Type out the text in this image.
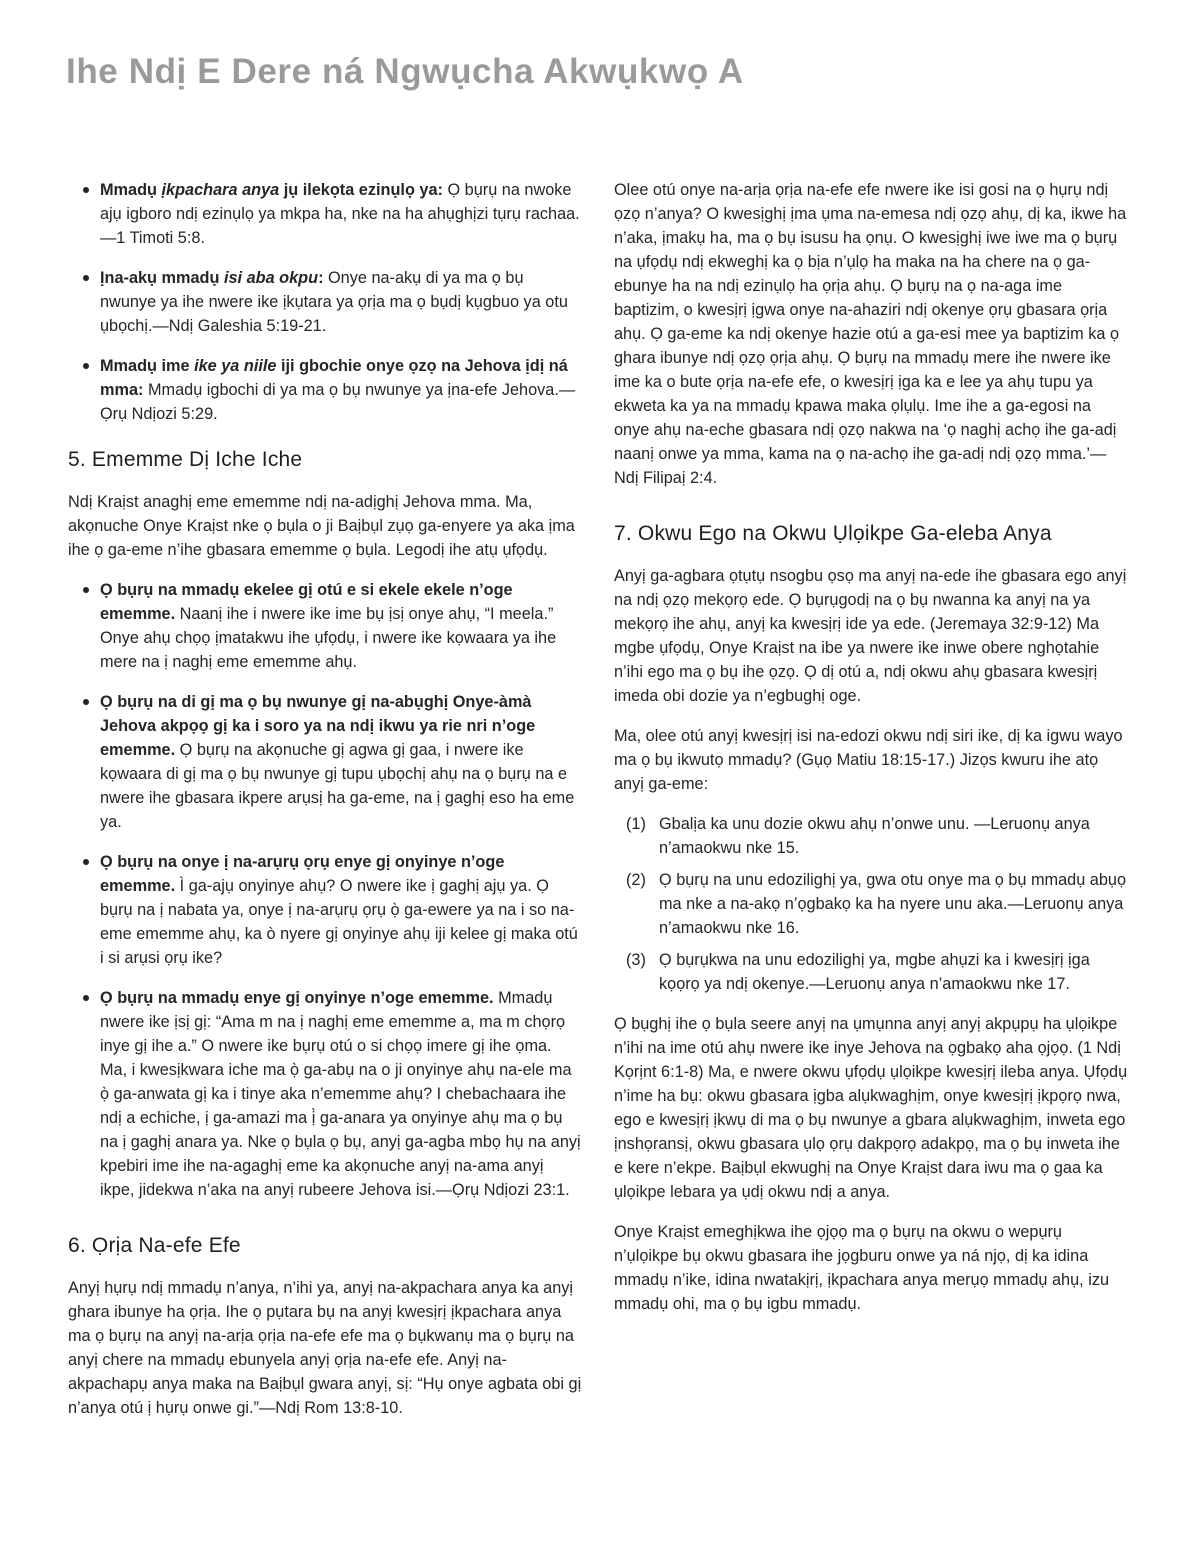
Ihe Ndị E Dere ná Ngwụcha Akwụkwọ A
Mmadụ ịkpachara anya jụ ilekọta ezinụlọ ya: Ọ bụrụ na nwoke ajụ igboro ndị ezinụlọ ya mkpa ha, nke na ha ahụghịzi tụrụ rachaa.—1 Timoti 5:8.
Ịna-akụ mmadụ isi aba okpu: Onye na-akụ di ya ma ọ bụ nwunye ya ihe nwere ike ịkụtara ya ọrịa ma ọ bụdị kụgbuo ya otu ụbọchị.—Ndị Galeshia 5:19-21.
Mmadụ ime ike ya niile iji gbochie onye ọzọ na Jehova ịdị ná mma: Mmadụ igbochi di ya ma ọ bụ nwunye ya ịna-efe Jehova.—Ọrụ Ndịozi 5:29.
5. Ememme Dị Iche Iche

Ndị Kraịst anaghị eme ememme ndị na-adịghị Jehova mma. Ma, akọnuche Onye Kraịst nke ọ bụla o ji Baịbụl zụọ ga-enyere ya aka ịma ihe ọ ga-eme n’ihe gbasara ememme ọ bụla. Legodị ihe atụ ụfọdụ.

Ọ bụrụ na mmadụ ekelee gị otú e si ekele ekele n’oge ememme. Naanị ihe i nwere ike ime bụ ịsị onye ahụ, “I meela.” Onye ahụ chọọ ịmatakwu ihe ụfọdụ, i nwere ike kọwaara ya ihe mere na ị naghị eme ememme ahụ.
Ọ bụrụ na di gị ma ọ bụ nwunye gị na-abụghị Onye-àmà Jehova akpọọ gị ka i soro ya na ndị ikwu ya rie nri n’oge ememme. Ọ bụrụ na akọnuche gị agwa gị gaa, i nwere ike kọwaara di gị ma ọ bụ nwunye gị tupu ụbọchị ahụ na ọ bụrụ na e nwere ihe gbasara ikpere arụsị ha ga-eme, na ị gaghị eso ha eme ya.
Ọ bụrụ na onye ị na-arụrụ ọrụ enye gị onyinye n’oge ememme. Ì ga-ajụ onyinye ahụ? O nwere ike ị gaghị ajụ ya. Ọ bụrụ na ị nabata ya, onye ị na-arụrụ ọrụ ọ̀ ga-ewere ya na i so na-eme ememme ahụ, ka ò nyere gị onyinye ahụ iji kelee gị maka otú i si arụsi ọrụ ike?
Ọ bụrụ na mmadụ enye gị onyinye n’oge ememme. Mmadụ nwere ike ịsị gị: “Ama m na ị naghị eme ememme a, ma m chọrọ inye gị ihe a.” O nwere ike bụrụ otú o si chọọ imere gị ihe ọma. Ma, i kwesịkwara iche ma ọ̀ ga-abụ na o ji onyinye ahụ na-ele ma ọ̀ ga-anwata gị ka i tinye aka n’ememme ahụ? I chebachaara ihe ndị a echiche, ị ga-amazi ma ị̀ ga-anara ya onyinye ahụ ma ọ bụ na ị gaghị anara ya. Nke ọ bụla ọ bụ, anyị ga-agba mbọ hụ na anyị kpebiri ime ihe na-agaghị eme ka akọnuche anyị na-ama anyị ikpe, jidekwa n’aka na anyị rubeere Jehova isi.—Ọrụ Ndịozi 23:1.
6. Ọrịa Na-efe Efe

Anyị hụrụ ndị mmadụ n’anya, n’ihi ya, anyị na-akpachara anya ka anyị ghara ibunye ha ọrịa. Ihe ọ pụtara bụ na anyị kwesịrị ịkpachara anya ma ọ bụrụ na anyị na-arịa ọrịa na-efe efe ma ọ bụkwanụ ma ọ bụrụ na anyị chere na mmadụ ebunyela anyị ọrịa na-efe efe. Anyị na-akpachapụ anya maka na Baịbụl gwara anyị, sị: “Hụ onye agbata obi gị n’anya otú ị hụrụ onwe gi.”—Ndị Rom 13:8-10.

Olee otú onye na-arịa ọrịa na-efe efe nwere ike isi gosi na ọ hụrụ ndị ọzọ n’anya? O kwesịghị ịma ụma na-emesa ndị ọzọ ahụ, dị ka, ikwe ha n’aka, ịmakụ ha, ma ọ bụ isusu ha ọnụ. O kwesịghị iwe iwe ma ọ bụrụ na ụfọdụ ndị ekweghị ka ọ bịa n’ụlọ ha maka na ha chere na ọ ga-ebunye ha na ndị ezinụlọ ha ọrịa ahụ. Ọ bụrụ na ọ na-aga ime baptizim, o kwesịrị ịgwa onye na-ahaziri ndị okenye ọrụ gbasara ọrịa ahụ. Ọ ga-eme ka ndị okenye hazie otú a ga-esi mee ya baptizim ka ọ ghara ibunye ndị ọzọ ọrịa ahụ. Ọ bụrụ na mmadụ mere ihe nwere ike ime ka o bute ọrịa na-efe efe, o kwesịrị ịga ka e lee ya ahụ tupu ya ekweta ka ya na mmadụ kpawa maka ọlụlụ. Ime ihe a ga-egosi na onye ahụ na-eche gbasara ndị ọzọ nakwa na ‘ọ naghị achọ ihe ga-adị naanị onwe ya mma, kama na ọ na-achọ ihe ga-adị ndị ọzọ mma.’—Ndị Filipaị 2:4.

7. Okwu Ego na Okwu Ụlọikpe Ga-eleba Anya

Anyị ga-agbara ọtụtụ nsogbu ọsọ ma anyị na-ede ihe gbasara ego anyị na ndị ọzọ mekọrọ ede. Ọ bụrụgodị na ọ bụ nwanna ka anyị na ya mekọrọ ihe ahụ, anyị ka kwesịrị ide ya ede. (Jeremaya 32:9-12) Ma mgbe ụfọdụ, Onye Kraịst na ibe ya nwere ike inwe obere nghọtahie n’ihi ego ma ọ bụ ihe ọzọ. Ọ dị otú a, ndị okwu ahụ gbasara kwesịrị imeda obi dozie ya n’egbughị oge.

Ma, olee otú anyị kwesịrị isi na-edozi okwu ndị siri ike, dị ka igwu wayo ma ọ bụ ikwutọ mmadụ? (Gụọ Matiu 18:15-17.) Jizọs kwuru ihe atọ anyị ga-eme:

(1) Gbalịa ka unu dozie okwu ahụ n’onwe unu. —Leruonụ anya n’amaokwu nke 15.
(2) Ọ bụrụ na unu edozilighị ya, gwa otu onye ma ọ bụ mmadụ abụọ ma nke a na-akọ n’ọgbakọ ka ha nyere unu aka.—Leruonụ anya n’amaokwu nke 16.
(3) Ọ bụrụkwa na unu edozilighị ya, mgbe ahụzi ka i kwesịrị ịga kọọrọ ya ndị okenye.—Leruonụ anya n’amaokwu nke 17.

Ọ bụghị ihe ọ bụla seere anyị na ụmụnna anyị anyị akpụpụ ha ụlọikpe n’ihi na ime otú ahụ nwere ike inye Jehova na ọgbakọ aha ọjọọ. (1 Ndị Kọrịnt 6:1-8) Ma, e nwere okwu ụfọdụ ụlọikpe kwesịrị ileba anya. Ụfọdụ n’ime ha bụ: okwu gbasara ịgba alụkwaghịm, onye kwesịrị ịkpọrọ nwa, ego e kwesịrị ịkwụ di ma ọ bụ nwunye a gbara alụkwaghịm, inweta ego ịnshọransị, okwu gbasara ụlọ ọrụ dakpọrọ adakpọ, ma ọ bụ inweta ihe e kere n’ekpe. Baịbụl ekwughị na Onye Kraịst dara iwu ma ọ gaa ka ụlọikpe lebara ya ụdị okwu ndị a anya.

Onye Kraịst emeghịkwa ihe ọjọọ ma ọ bụrụ na okwu o wepụrụ n’ụlọikpe bụ okwu gbasara ihe jọgburu onwe ya ná njọ, dị ka idina mmadụ n’ike, idina nwatakịrị, ịkpachara anya merụọ mmadụ ahụ, izu mmadụ ohi, ma ọ bụ igbu mmadụ.
